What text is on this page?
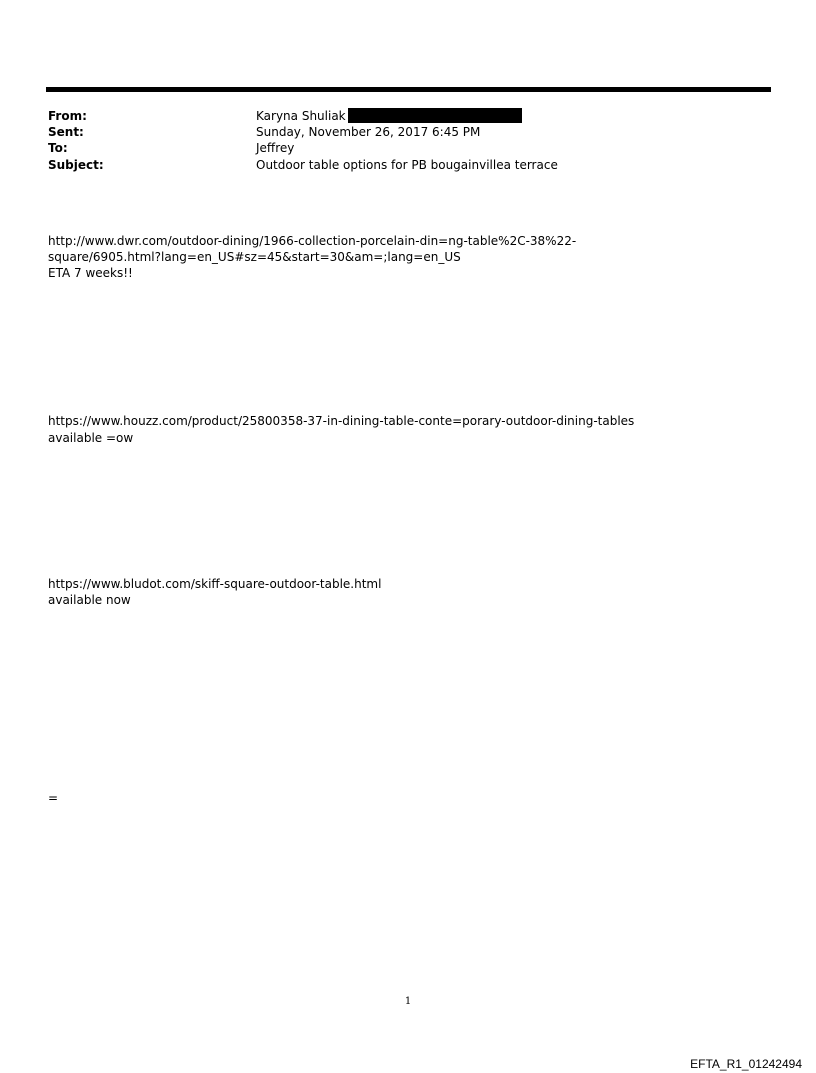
From:	Karyna Shuliak
Sent:	Sunday, November 26, 2017 6:45 PM
To:	Jeffrey
Subject:	Outdoor table options for PB bougainvillea terrace
http://www.dwr.com/outdoor-dining/1966-collection-porcelain-din=ng-table%2C-38%22-
square/6905.html?lang=en_US#sz=45&start=30&am=;lang=en_US
ETA 7 weeks!!
https://www.houzz.com/product/25800358-37-in-dining-table-conte=porary-outdoor-dining-tables
available =ow
https://www.bludot.com/skiff-square-outdoor-table.html
available now
=
1
EFTA_R1_01242494
